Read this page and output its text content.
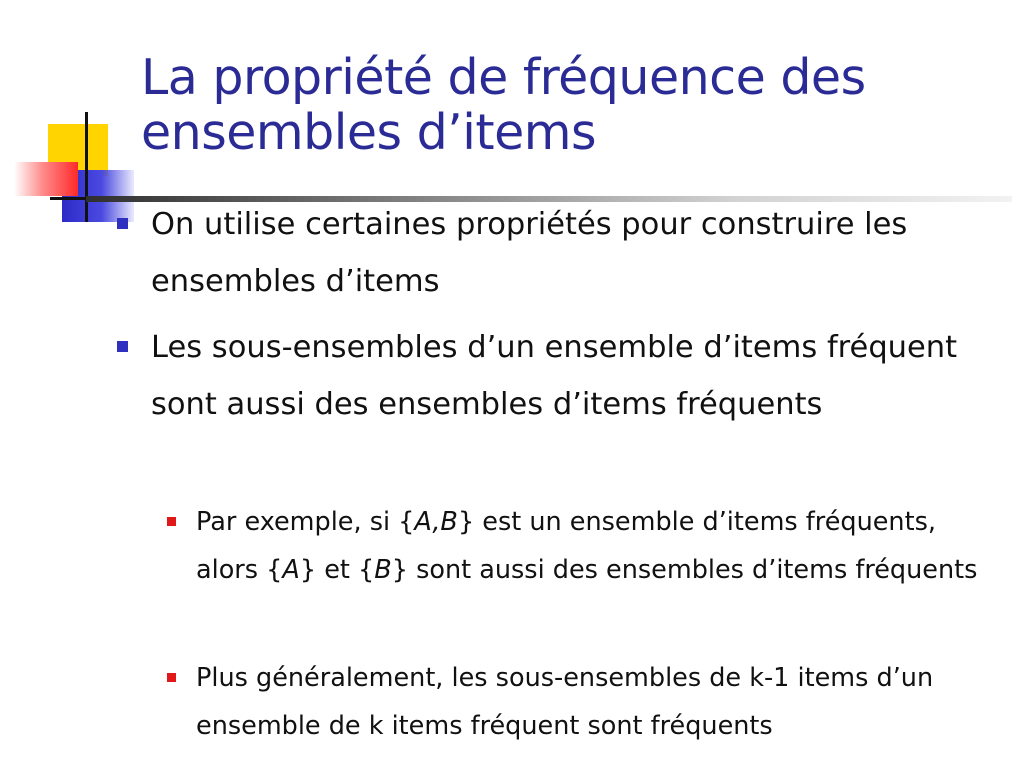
La propriété de fréquence des ensembles d’items
On utilise certaines propriétés pour construire les ensembles d’items
Les sous-ensembles d’un ensemble d’items fréquent sont aussi des ensembles d’items fréquents
Par exemple, si {A,B} est un ensemble d’items fréquents, alors {A} et {B} sont aussi des ensembles d’items fréquents
Plus généralement, les sous-ensembles de k-1 items d’un ensemble de k items fréquent sont fréquents
